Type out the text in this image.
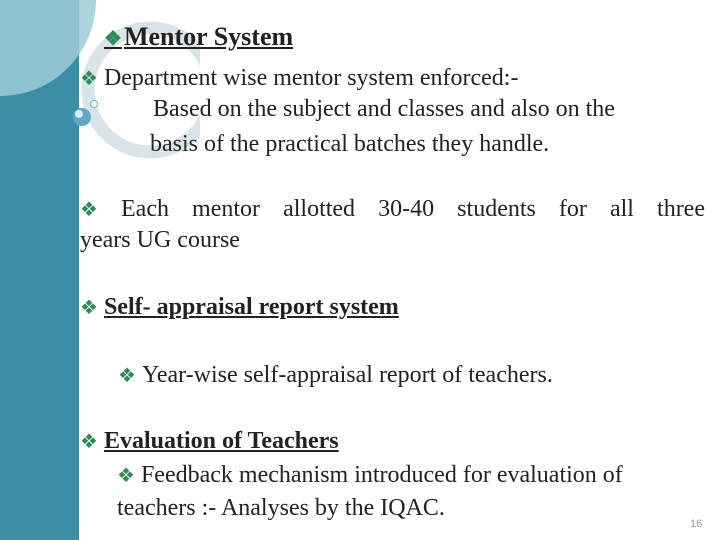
❖Mentor System
❖ Department wise mentor system enforced:-
Based on the subject and classes and also on the
basis of the practical batches they handle.
❖ Each mentor allotted 30-40 students for all three
years UG course
❖ Self- appraisal report system
❖ Year-wise self-appraisal report of teachers.
❖ Evaluation of Teachers
❖ Feedback mechanism introduced for evaluation of
teachers :- Analyses by the IQAC.
16
